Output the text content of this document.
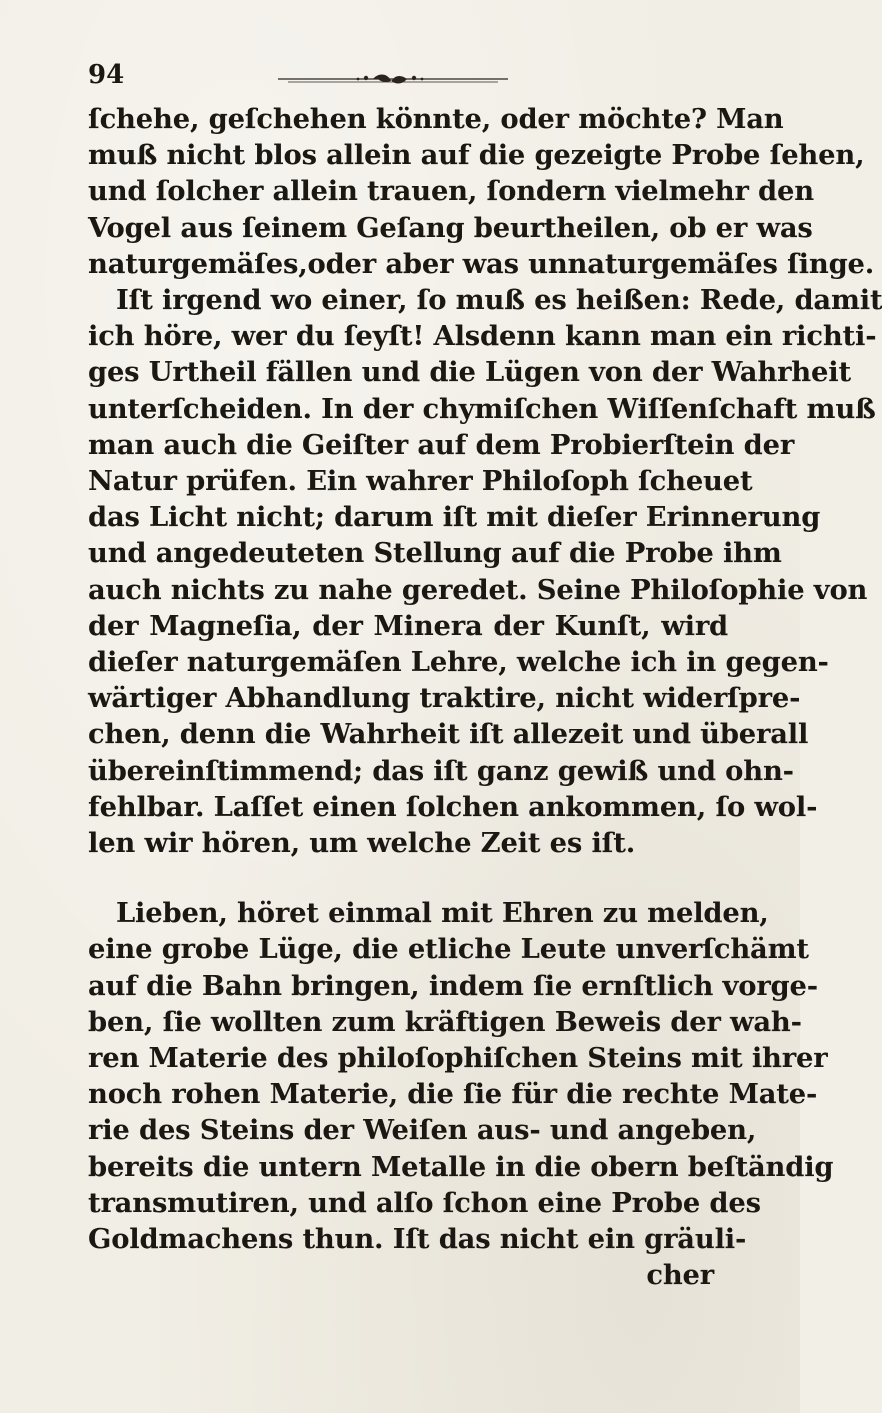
94
ſchehe, geſchehen könnte, oder möchte? Man
muß nicht blos allein auf die gezeigte Probe ſehen,
und ſolcher allein trauen, ſondern vielmehr den
Vogel aus ſeinem Geſang beurtheilen, ob er was
naturgemäſes,oder aber was unnaturgemäſes ſinge.
Iſt irgend wo einer, ſo muß es heißen: Rede, damit
ich höre, wer du ſeyſt! Alsdenn kann man ein richti-
ges Urtheil fällen und die Lügen von der Wahrheit
unterſcheiden. In der chymiſchen Wiſſenſchaft muß
man auch die Geiſter auf dem Probierſtein der
Natur prüfen. Ein wahrer Philoſoph ſcheuet
das Licht nicht; darum iſt mit dieſer Erinnerung
und angedeuteten Stellung auf die Probe ihm
auch nichts zu nahe geredet. Seine Philoſophie von
der Magneſia, der Minera der Kunſt, wird
dieſer naturgemäſen Lehre, welche ich in gegen-
wärtiger Abhandlung traktire, nicht widerſpre-
chen, denn die Wahrheit iſt allezeit und überall
übereinſtimmend; das iſt ganz gewiß und ohn-
fehlbar. Laſſet einen ſolchen ankommen, ſo wol-
len wir hören, um welche Zeit es iſt.
Lieben, höret einmal mit Ehren zu melden,
eine grobe Lüge, die etliche Leute unverſchämt
auf die Bahn bringen, indem ſie ernſtlich vorge-
ben, ſie wollten zum kräftigen Beweis der wah-
ren Materie des philoſophiſchen Steins mit ihrer
noch rohen Materie, die ſie für die rechte Mate-
rie des Steins der Weiſen aus- und angeben,
bereits die untern Metalle in die obern beſtändig
transmutiren, und alſo ſchon eine Probe des
Goldmachens thun. Iſt das nicht ein gräuli-
cher
